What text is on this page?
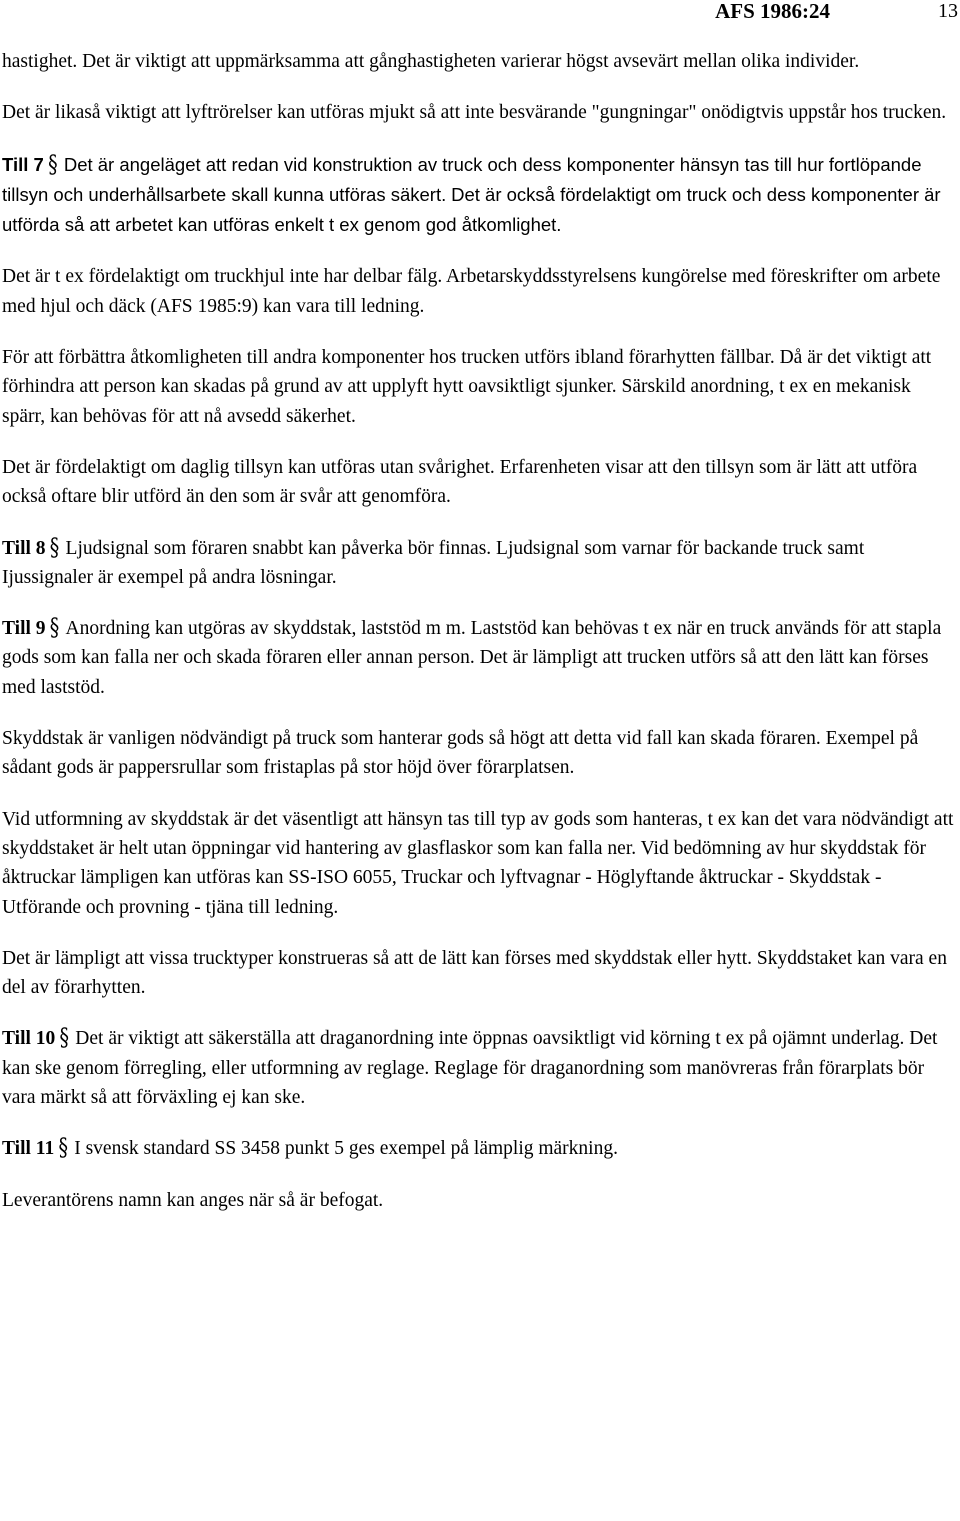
AFS 1986:24	13

hastighet. Det är viktigt att uppmärksamma att gånghastigheten varierar högst avsevärt mellan olika individer.

Det är likaså viktigt att lyftrörelser kan utföras mjukt så att inte besvärande "gungningar" onödigtvis uppstår hos trucken.

Till 7 § Det är angeläget att redan vid konstruktion av truck och dess komponenter hänsyn tas till hur fortlöpande tillsyn och underhållsarbete skall kunna utföras säkert. Det är också fördelaktigt om truck och dess komponenter är utförda så att arbetet kan utföras enkelt t ex genom god åtkomlighet.

Det är t ex fördelaktigt om truckhjul inte har delbar fälg. Arbetarskyddsstyrelsens kungörelse med föreskrifter om arbete med hjul och däck (AFS 1985:9) kan vara till ledning.

För att förbättra åtkomligheten till andra komponenter hos trucken utförs ibland förarhytten fällbar. Då är det viktigt att förhindra att person kan skadas på grund av att upplyft hytt oavsiktligt sjunker. Särskild anordning, t ex en mekanisk spärr, kan behövas för att nå avsedd säkerhet.

Det är fördelaktigt om daglig tillsyn kan utföras utan svårighet. Erfarenheten visar att den tillsyn som är lätt att utföra också oftare blir utförd än den som är svår att genomföra.

Till 8 § Ljudsignal som föraren snabbt kan påverka bör finnas. Ljudsignal som varnar för backande truck samt Ijussignaler är exempel på andra lösningar.

Till 9 § Anordning kan utgöras av skyddstak, laststöd m m. Laststöd kan behövas t ex när en truck används för att stapla gods som kan falla ner och skada föraren eller annan person. Det är lämpligt att trucken utförs så att den lätt kan förses med laststöd.

Skyddstak är vanligen nödvändigt på truck som hanterar gods så högt att detta vid fall kan skada föraren. Exempel på sådant gods är pappersrullar som fristaplas på stor höjd över förarplatsen.

Vid utformning av skyddstak är det väsentligt att hänsyn tas till typ av gods som hanteras, t ex kan det vara nödvändigt att skyddstaket är helt utan öppningar vid hantering av glasflaskor som kan falla ner. Vid bedömning av hur skyddstak för åktruckar lämpligen kan utföras kan SS-ISO 6055, Truckar och lyftvagnar - Höglyftande åktruckar - Skyddstak - Utförande och provning - tjäna till ledning.

Det är lämpligt att vissa trucktyper konstrueras så att de lätt kan förses med skyddstak eller hytt. Skyddstaket kan vara en del av förarhytten.

Till 10 § Det är viktigt att säkerställa att draganordning inte öppnas oavsiktligt vid körning t ex på ojämnt underlag. Det kan ske genom förregling, eller utformning av reglage. Reglage för draganordning som manövreras från förarplats bör vara märkt så att förväxling ej kan ske.

Till 11 § I svensk standard SS 3458 punkt 5 ges exempel på lämplig märkning.

Leverantörens namn kan anges när så är befogat.
